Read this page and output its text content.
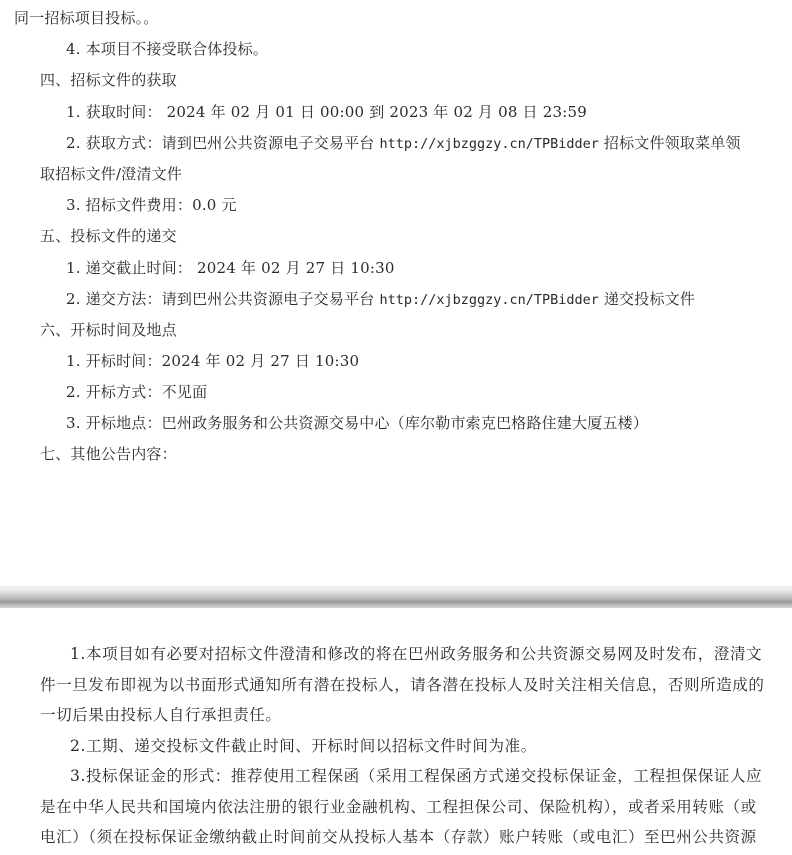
同一招标项目投标。。
4. 本项目不接受联合体投标。
四、招标文件的获取
1. 获取时间： 2024 年 02 月 01 日 00:00 到 2023 年 02 月 08 日 23:59
2. 获取方式：请到巴州公共资源电子交易平台 http://xjbzggzy.cn/TPBidder 招标文件领取菜单领
取招标文件/澄清文件
3. 招标文件费用：0.0 元
五、投标文件的递交
1. 递交截止时间： 2024 年 02 月 27 日 10:30
2. 递交方法：请到巴州公共资源电子交易平台 http://xjbzggzy.cn/TPBidder 递交投标文件
六、开标时间及地点
1. 开标时间：2024 年 02 月 27 日 10:30
2. 开标方式：不见面
3. 开标地点：巴州政务服务和公共资源交易中心（库尔勒市索克巴格路住建大厦五楼）
七、其他公告内容：
1.本项目如有必要对招标文件澄清和修改的将在巴州政务服务和公共资源交易网及时发布，澄清文
件一旦发布即视为以书面形式通知所有潜在投标人，请各潜在投标人及时关注相关信息，否则所造成的
一切后果由投标人自行承担责任。
2.工期、递交投标文件截止时间、开标时间以招标文件时间为准。
3.投标保证金的形式：推荐使用工程保函（采用工程保函方式递交投标保证金，工程担保保证人应
是在中华人民共和国境内依法注册的银行业金融机构、工程担保公司、保险机构），或者采用转账（或
电汇）（须在投标保证金缴纳截止时间前交从投标人基本（存款）账户转账（或电汇）至巴州公共资源
